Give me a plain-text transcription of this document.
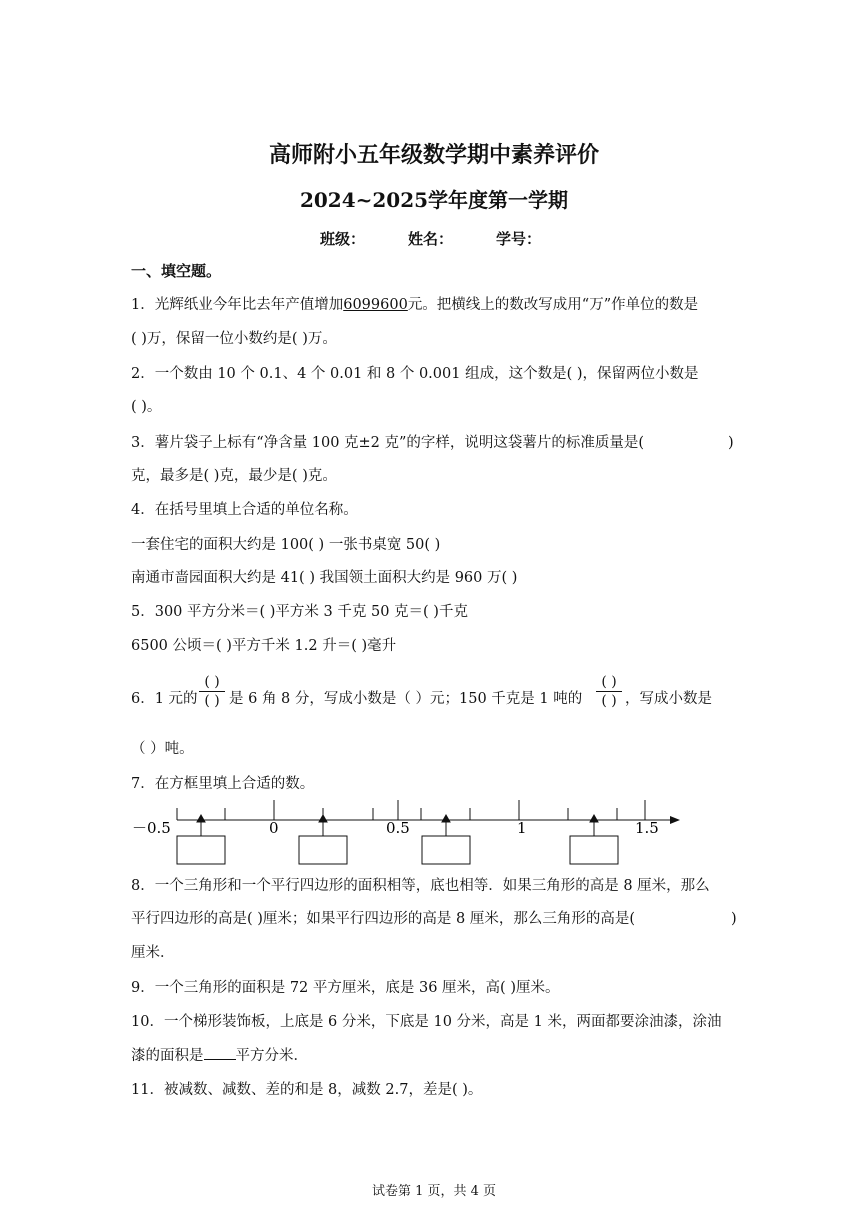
高师附小五年级数学期中素养评价
2024~2025学年度第一学期
班级：	姓名：	学号：
一、填空题。
1．光辉纸业今年比去年产值增加6099600元。把横线上的数改写成用“万”作单位的数是
( )万，保留一位小数约是( )万。
2．一个数由 10 个 0.1、4 个 0.01 和 8 个 0.001 组成，这个数是( )，保留两位小数是
( )。
3．薯片袋子上标有“净含量 100 克±2 克”的字样，说明这袋薯片的标准质量是(	)
克，最多是( )克，最少是( )克。
4．在括号里填上合适的单位名称。
一套住宅的面积大约是 100( ) 一张书桌宽 50( )
南通市啬园面积大约是 41( ) 我国领土面积大约是 960 万( )
5．300 平方分米＝( )平方米 3 千克 50 克＝( )千克
6500 公顷＝( )平方千米 1.2 升＝( )毫升
6．1 元的
( )
( ) 是 6 角 8 分，写成小数是（ ）元；150 千克是 1 吨的
( )
( ) ，写成小数是
（ ）吨。
7．在方框里填上合适的数。
－0.5	0	0.5	1	1.5
8．一个三角形和一个平行四边形的面积相等，底也相等．如果三角形的高是 8 厘米，那么
平行四边形的高是( )厘米；如果平行四边形的高是 8 厘米，那么三角形的高是(	)
厘米．
9．一个三角形的面积是 72 平方厘米，底是 36 厘米，高( )厘米。
10．一个梯形装饰板，上底是 6 分米，下底是 10 分米，高是 1 米，两面都要涂油漆，涂油
漆的面积是 平方分米．
11．被减数、减数、差的和是 8，减数 2.7，差是( )。
试卷第 1 页，共 4 页
